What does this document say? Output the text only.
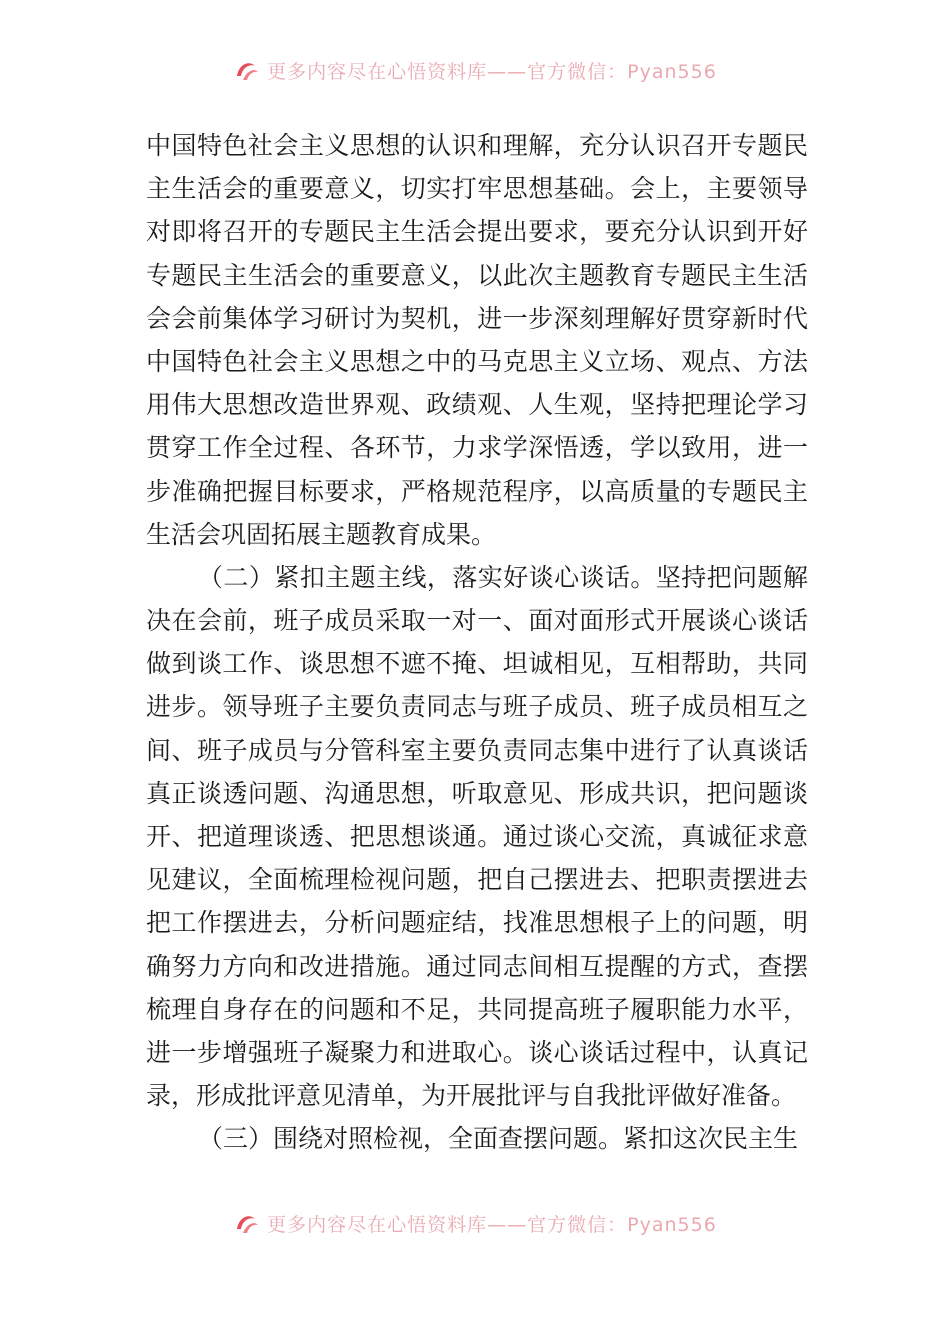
更多内容尽在心悟资料库——官方微信：Pyan556
中国特色社会主义思想的认识和理解，充分认识召开专题民
主生活会的重要意义，切实打牢思想基础。会上，主要领导
对即将召开的专题民主生活会提出要求，要充分认识到开好
专题民主生活会的重要意义，以此次主题教育专题民主生活
会会前集体学习研讨为契机，进一步深刻理解好贯穿新时代
中国特色社会主义思想之中的马克思主义立场、观点、方法
用伟大思想改造世界观、政绩观、人生观，坚持把理论学习
贯穿工作全过程、各环节，力求学深悟透，学以致用，进一
步准确把握目标要求，严格规范程序，以高质量的专题民主
生活会巩固拓展主题教育成果。
（二）紧扣主题主线，落实好谈心谈话。坚持把问题解
决在会前，班子成员采取一对一、面对面形式开展谈心谈话
做到谈工作、谈思想不遮不掩、坦诚相见，互相帮助，共同
进步。领导班子主要负责同志与班子成员、班子成员相互之
间、班子成员与分管科室主要负责同志集中进行了认真谈话
真正谈透问题、沟通思想，听取意见、形成共识，把问题谈
开、把道理谈透、把思想谈通。通过谈心交流，真诚征求意
见建议，全面梳理检视问题，把自己摆进去、把职责摆进去
把工作摆进去，分析问题症结，找准思想根子上的问题，明
确努力方向和改进措施。通过同志间相互提醒的方式，查摆
梳理自身存在的问题和不足，共同提高班子履职能力水平，
进一步增强班子凝聚力和进取心。谈心谈话过程中，认真记
录，形成批评意见清单，为开展批评与自我批评做好准备。
（三）围绕对照检视，全面查摆问题。紧扣这次民主生
更多内容尽在心悟资料库——官方微信：Pyan556
